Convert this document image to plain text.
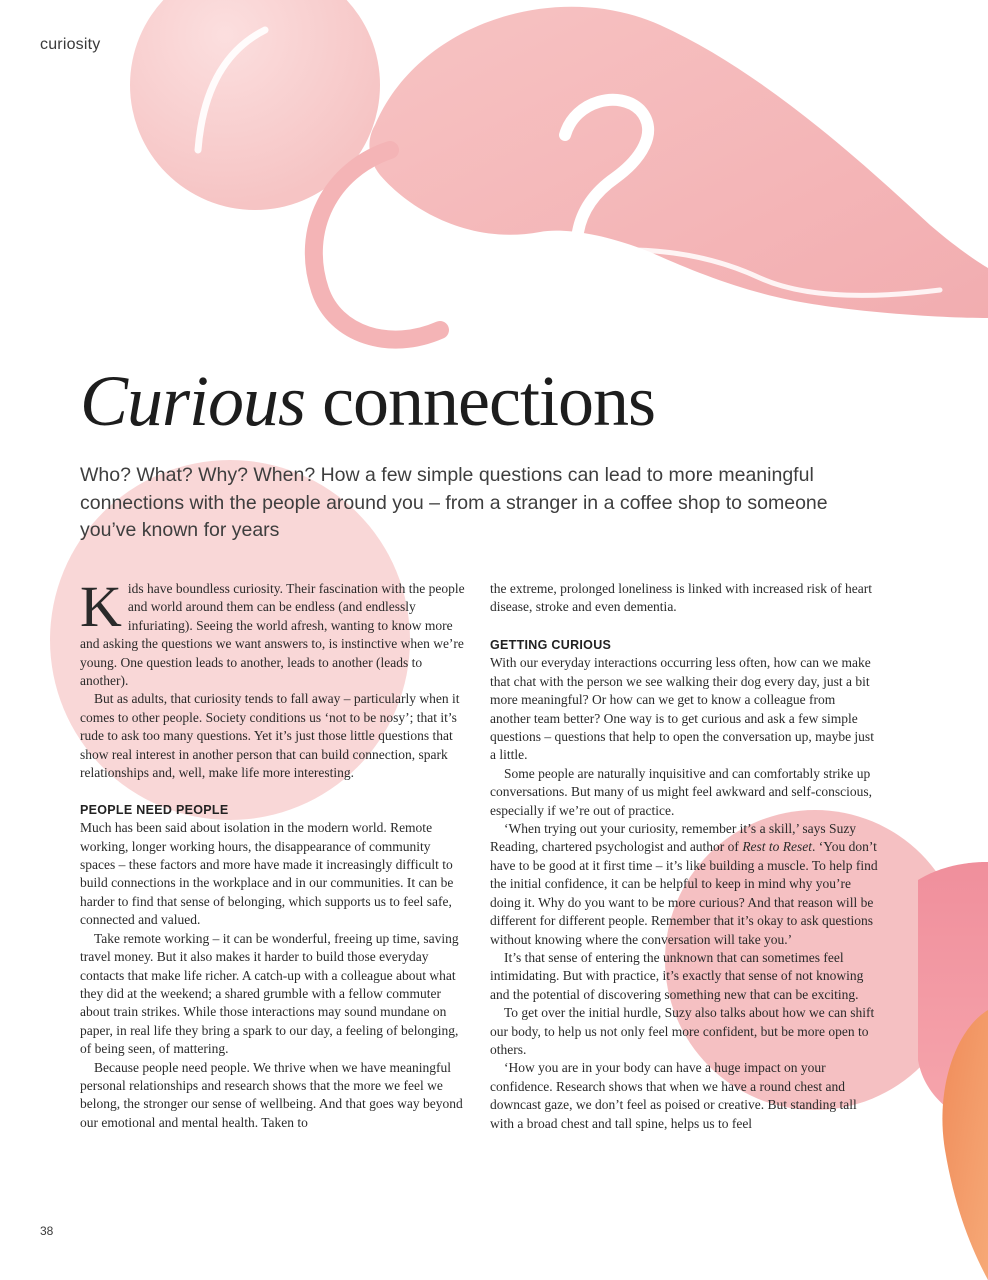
curiosity
Curious connections

Who? What? Why? When? How a few simple questions can lead to more meaningful connections with the people around you – from a stranger in a coffee shop to someone you’ve known for years

Kids have boundless curiosity. Their fascination with the people and world around them can be endless (and endlessly infuriating). Seeing the world afresh, wanting to know more and asking the questions we want answers to, is instinctive when we’re young. One question leads to another, leads to another (leads to another).

But as adults, that curiosity tends to fall away – particularly when it comes to other people. Society conditions us ‘not to be nosy’; that it’s rude to ask too many questions. Yet it’s just those little questions that show real interest in another person that can build connection, spark relationships and, well, make life more interesting.

PEOPLE NEED PEOPLE

Much has been said about isolation in the modern world. Remote working, longer working hours, the disappearance of community spaces – these factors and more have made it increasingly difficult to build connections in the workplace and in our communities. It can be harder to find that sense of belonging, which supports us to feel safe, connected and valued.

Take remote working – it can be wonderful, freeing up time, saving travel money. But it also makes it harder to build those everyday contacts that make life richer. A catch-up with a colleague about what they did at the weekend; a shared grumble with a fellow commuter about train strikes. While those interactions may sound mundane on paper, in real life they bring a spark to our day, a feeling of belonging, of being seen, of mattering.

Because people need people. We thrive when we have meaningful personal relationships and research shows that the more we feel we belong, the stronger our sense of wellbeing. And that goes way beyond our emotional and mental health. Taken to

the extreme, prolonged loneliness is linked with increased risk of heart disease, stroke and even dementia.

GETTING CURIOUS

With our everyday interactions occurring less often, how can we make that chat with the person we see walking their dog every day, just a bit more meaningful? Or how can we get to know a colleague from another team better? One way is to get curious and ask a few simple questions – questions that help to open the conversation up, maybe just a little.

Some people are naturally inquisitive and can comfortably strike up conversations. But many of us might feel awkward and self-conscious, especially if we’re out of practice.

‘When trying out your curiosity, remember it’s a skill,’ says Suzy Reading, chartered psychologist and author of Rest to Reset. ‘You don’t have to be good at it first time – it’s like building a muscle. To help find the initial confidence, it can be helpful to keep in mind why you’re doing it. Why do you want to be more curious? And that reason will be different for different people. Remember that it’s okay to ask questions without knowing where the conversation will take you.’

It’s that sense of entering the unknown that can sometimes feel intimidating. But with practice, it’s exactly that sense of not knowing and the potential of discovering something new that can be exciting.

To get over the initial hurdle, Suzy also talks about how we can shift our body, to help us not only feel more confident, but be more open to others.

‘How you are in your body can have a huge impact on your confidence. Research shows that when we have a round chest and downcast gaze, we don’t feel as poised or creative. But standing tall with a broad chest and tall spine, helps us to feel

38
